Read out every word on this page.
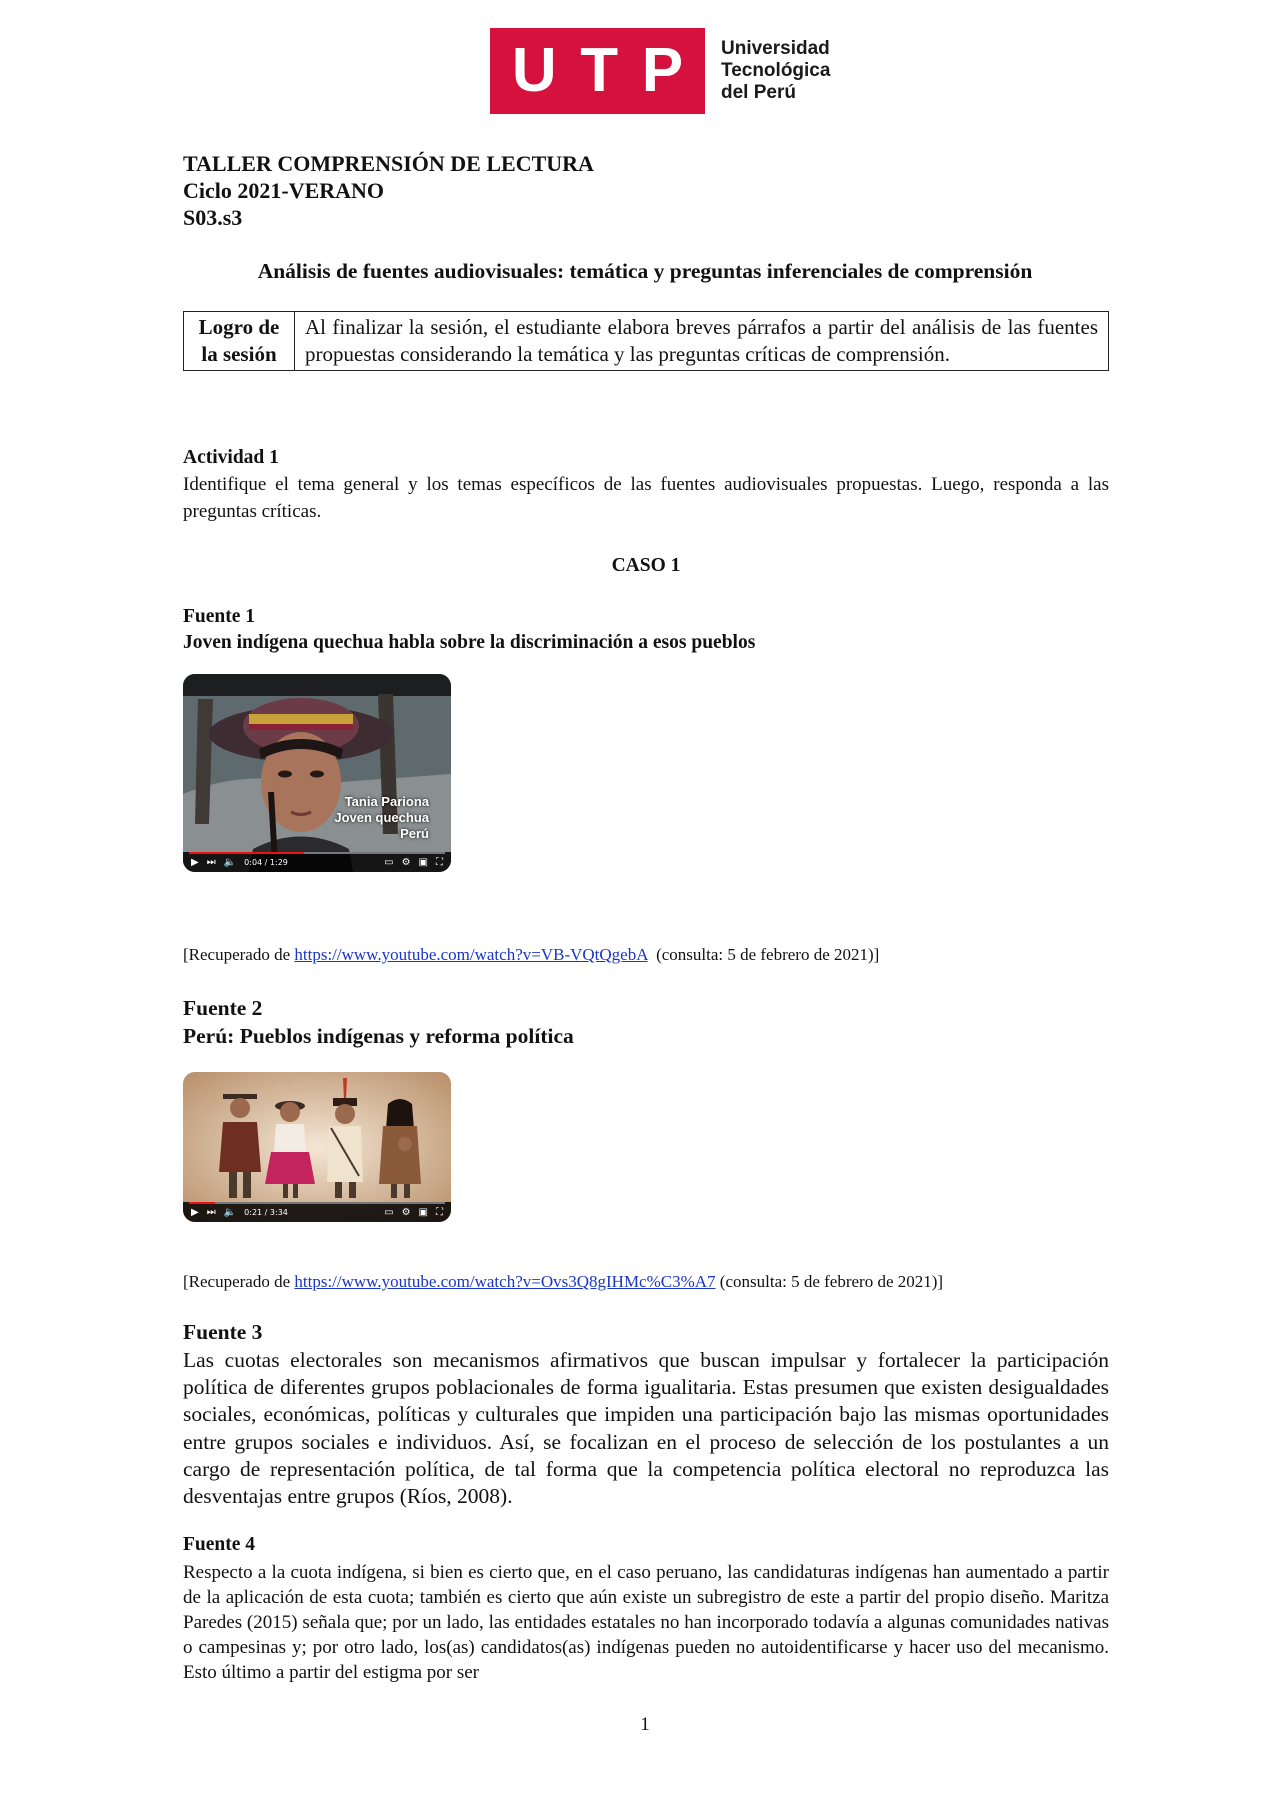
U T P Universidad
Tecnológica
del Perú
TALLER COMPRENSIÓN DE LECTURA
Ciclo 2021-VERANO
S03.s3
Análisis de fuentes audiovisuales: temática y preguntas inferenciales de comprensión
Logro de
la sesión
	Al finalizar la sesión, el estudiante elabora breves párrafos a partir del análisis de las fuentes propuestas considerando la temática y las preguntas críticas de comprensión.
Actividad 1
Identifique el tema general y los temas específicos de las fuentes audiovisuales propuestas. Luego, responda a las preguntas críticas.
CASO 1
Fuente 1
Joven indígena quechua habla sobre la discriminación a esos pueblos
Tania Pariona
Joven quechua
Perú
▶ ⏭ 🔈 0:04 / 1:29	▭ ⚙ ▣ ⛶
[Recuperado de https://www.youtube.com/watch?v=VB-VQtQgebA  (consulta: 5 de febrero de 2021)]
Fuente 2
Perú: Pueblos indígenas y reforma política
▶ ⏭ 🔈 0:21 / 3:34	▭ ⚙ ▣ ⛶
[Recuperado de https://www.youtube.com/watch?v=Ovs3Q8gIHMc%C3%A7 (consulta: 5 de febrero de 2021)]
Fuente 3
Las cuotas electorales son mecanismos afirmativos que buscan impulsar y fortalecer la participación política de diferentes grupos poblacionales de forma igualitaria. Estas presumen que existen desigualdades sociales, económicas, políticas y culturales que impiden una participación bajo las mismas oportunidades entre grupos sociales e individuos. Así, se focalizan en el proceso de selección de los postulantes a un cargo de representación política, de tal forma que la competencia política electoral no reproduzca las desventajas entre grupos (Ríos, 2008).
Fuente 4
Respecto a la cuota indígena, si bien es cierto que, en el caso peruano, las candidaturas indígenas han aumentado a partir de la aplicación de esta cuota; también es cierto que aún existe un subregistro de este a partir del propio diseño. Maritza Paredes (2015) señala que; por un lado, las entidades estatales no han incorporado todavía a algunas comunidades nativas o campesinas y; por otro lado, los(as) candidatos(as) indígenas pueden no autoidentificarse y hacer uso del mecanismo. Esto último a partir del estigma por ser
1
